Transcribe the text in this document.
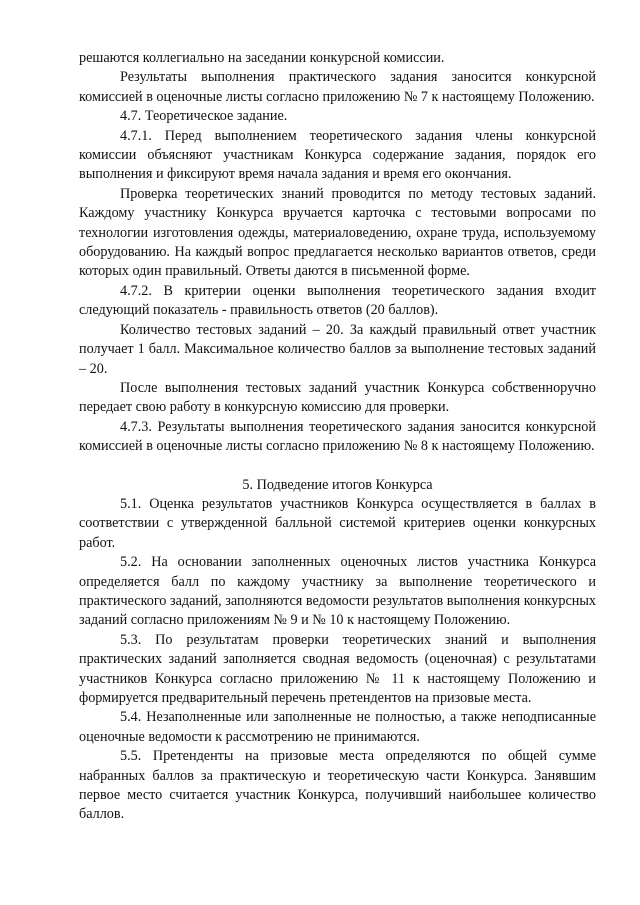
решаются коллегиально на заседании конкурсной комиссии.

Результаты выполнения практического задания заносится конкурсной комиссией в оценочные листы согласно приложению № 7 к настоящему Положению.

4.7. Теоретическое задание.

4.7.1. Перед выполнением теоретического задания члены конкурсной комиссии объясняют участникам Конкурса содержание задания, порядок его выполнения и фиксируют время начала задания и время его окончания.

Проверка теоретических знаний проводится по методу тестовых заданий. Каждому участнику Конкурса вручается карточка с тестовыми вопросами по технологии изготовления одежды, материаловедению, охране труда, используемому оборудованию. На каждый вопрос предлагается несколько вариантов ответов, среди которых один правильный. Ответы даются в письменной форме.

4.7.2. В критерии оценки выполнения теоретического задания входит следующий показатель - правильность ответов (20 баллов).

Количество тестовых заданий – 20. За каждый правильный ответ участник получает 1 балл. Максимальное количество баллов за выполнение тестовых заданий – 20.

После выполнения тестовых заданий участник Конкурса собственноручно передает свою работу в конкурсную комиссию для проверки.

4.7.3. Результаты выполнения теоретического задания заносится конкурсной комиссией в оценочные листы согласно приложению № 8 к настоящему Положению.

5. Подведение итогов Конкурса

5.1. Оценка результатов участников Конкурса осуществляется в баллах в соответствии с утвержденной балльной системой критериев оценки конкурсных работ.

5.2. На основании заполненных оценочных листов участника Конкурса определяется балл по каждому участнику за выполнение теоретического и практического заданий, заполняются ведомости результатов выполнения конкурсных заданий согласно приложениям № 9 и № 10 к настоящему Положению.

5.3. По результатам проверки теоретических знаний и выполнения практических заданий заполняется сводная ведомость (оценочная) с результатами участников Конкурса согласно приложению № 11 к настоящему Положению и формируется предварительный перечень претендентов на призовые места.

5.4. Незаполненные или заполненные не полностью, а также неподписанные оценочные ведомости к рассмотрению не принимаются.

5.5. Претенденты на призовые места определяются по общей сумме набранных баллов за практическую и теоретическую части Конкурса. Занявшим первое место считается участник Конкурса, получивший наибольшее количество баллов.
